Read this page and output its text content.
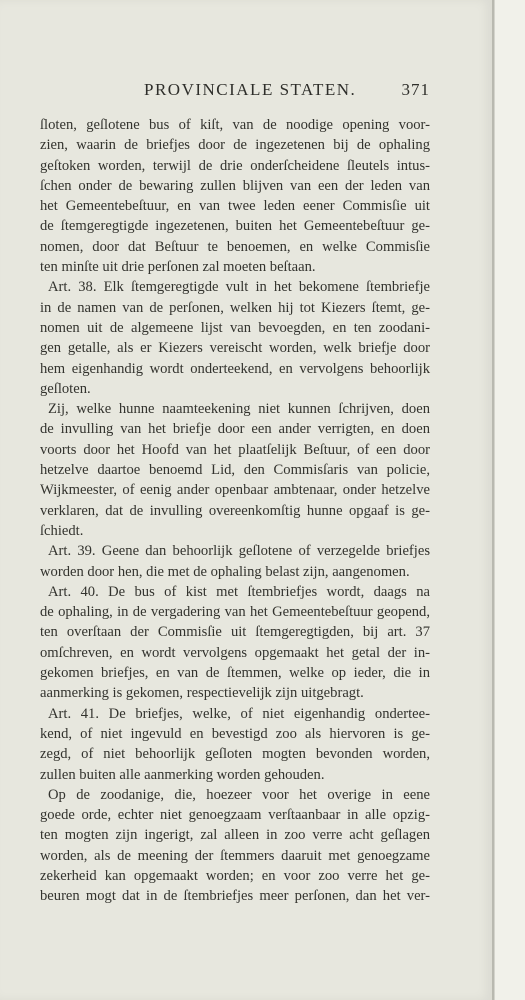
PROVINCIALE STATEN.	371
ſloten, geſlotene bus of kiſt, van de noodige opening voor-
zien, waarin de briefjes door de ingezetenen bij de ophaling
geſtoken worden, terwijl de drie onderſcheidene ſleutels intus-
ſchen onder de bewaring zullen blijven van een der leden van
het Gemeentebeſtuur, en van twee leden eener Commisſie uit
de ſtemgeregtigde ingezetenen, buiten het Gemeentebeſtuur ge-
nomen, door dat Beſtuur te benoemen, en welke Commisſie
ten minſte uit drie perſonen zal moeten beſtaan.
Art. 38. Elk ſtemgeregtigde vult in het bekomene ſtembriefje
in de namen van de perſonen, welken hij tot Kiezers ſtemt, ge-
nomen uit de algemeene lijst van bevoegden, en ten zoodani-
gen getalle, als er Kiezers vereischt worden, welk briefje door
hem eigenhandig wordt onderteekend, en vervolgens behoorlijk
geſloten.
Zij, welke hunne naamteekening niet kunnen ſchrijven, doen
de invulling van het briefje door een ander verrigten, en doen
voorts door het Hoofd van het plaatſelijk Beſtuur, of een door
hetzelve daartoe benoemd Lid, den Commisſaris van policie,
Wijkmeester, of eenig ander openbaar ambtenaar, onder hetzelve
verklaren, dat de invulling overeenkomſtig hunne opgaaf is ge-
ſchiedt.
Art. 39. Geene dan behoorlijk geſlotene of verzegelde briefjes
worden door hen, die met de ophaling belast zijn, aangenomen.
Art. 40. De bus of kist met ſtembriefjes wordt, daags na
de ophaling, in de vergadering van het Gemeentebeſtuur geopend,
ten overſtaan der Commisſie uit ſtemgeregtigden, bij art. 37
omſchreven, en wordt vervolgens opgemaakt het getal der in-
gekomen briefjes, en van de ſtemmen, welke op ieder, die in
aanmerking is gekomen, respectievelijk zijn uitgebragt.
Art. 41. De briefjes, welke, of niet eigenhandig ondertee-
kend, of niet ingevuld en bevestigd zoo als hiervoren is ge-
zegd, of niet behoorlijk geſloten mogten bevonden worden,
zullen buiten alle aanmerking worden gehouden.
Op de zoodanige, die, hoezeer voor het overige in eene
goede orde, echter niet genoegzaam verſtaanbaar in alle opzig-
ten mogten zijn ingerigt, zal alleen in zoo verre acht geſlagen
worden, als de meening der ſtemmers daaruit met genoegzame
zekerheid kan opgemaakt worden; en voor zoo verre het ge-
beuren mogt dat in de ſtembriefjes meer perſonen, dan het ver-
